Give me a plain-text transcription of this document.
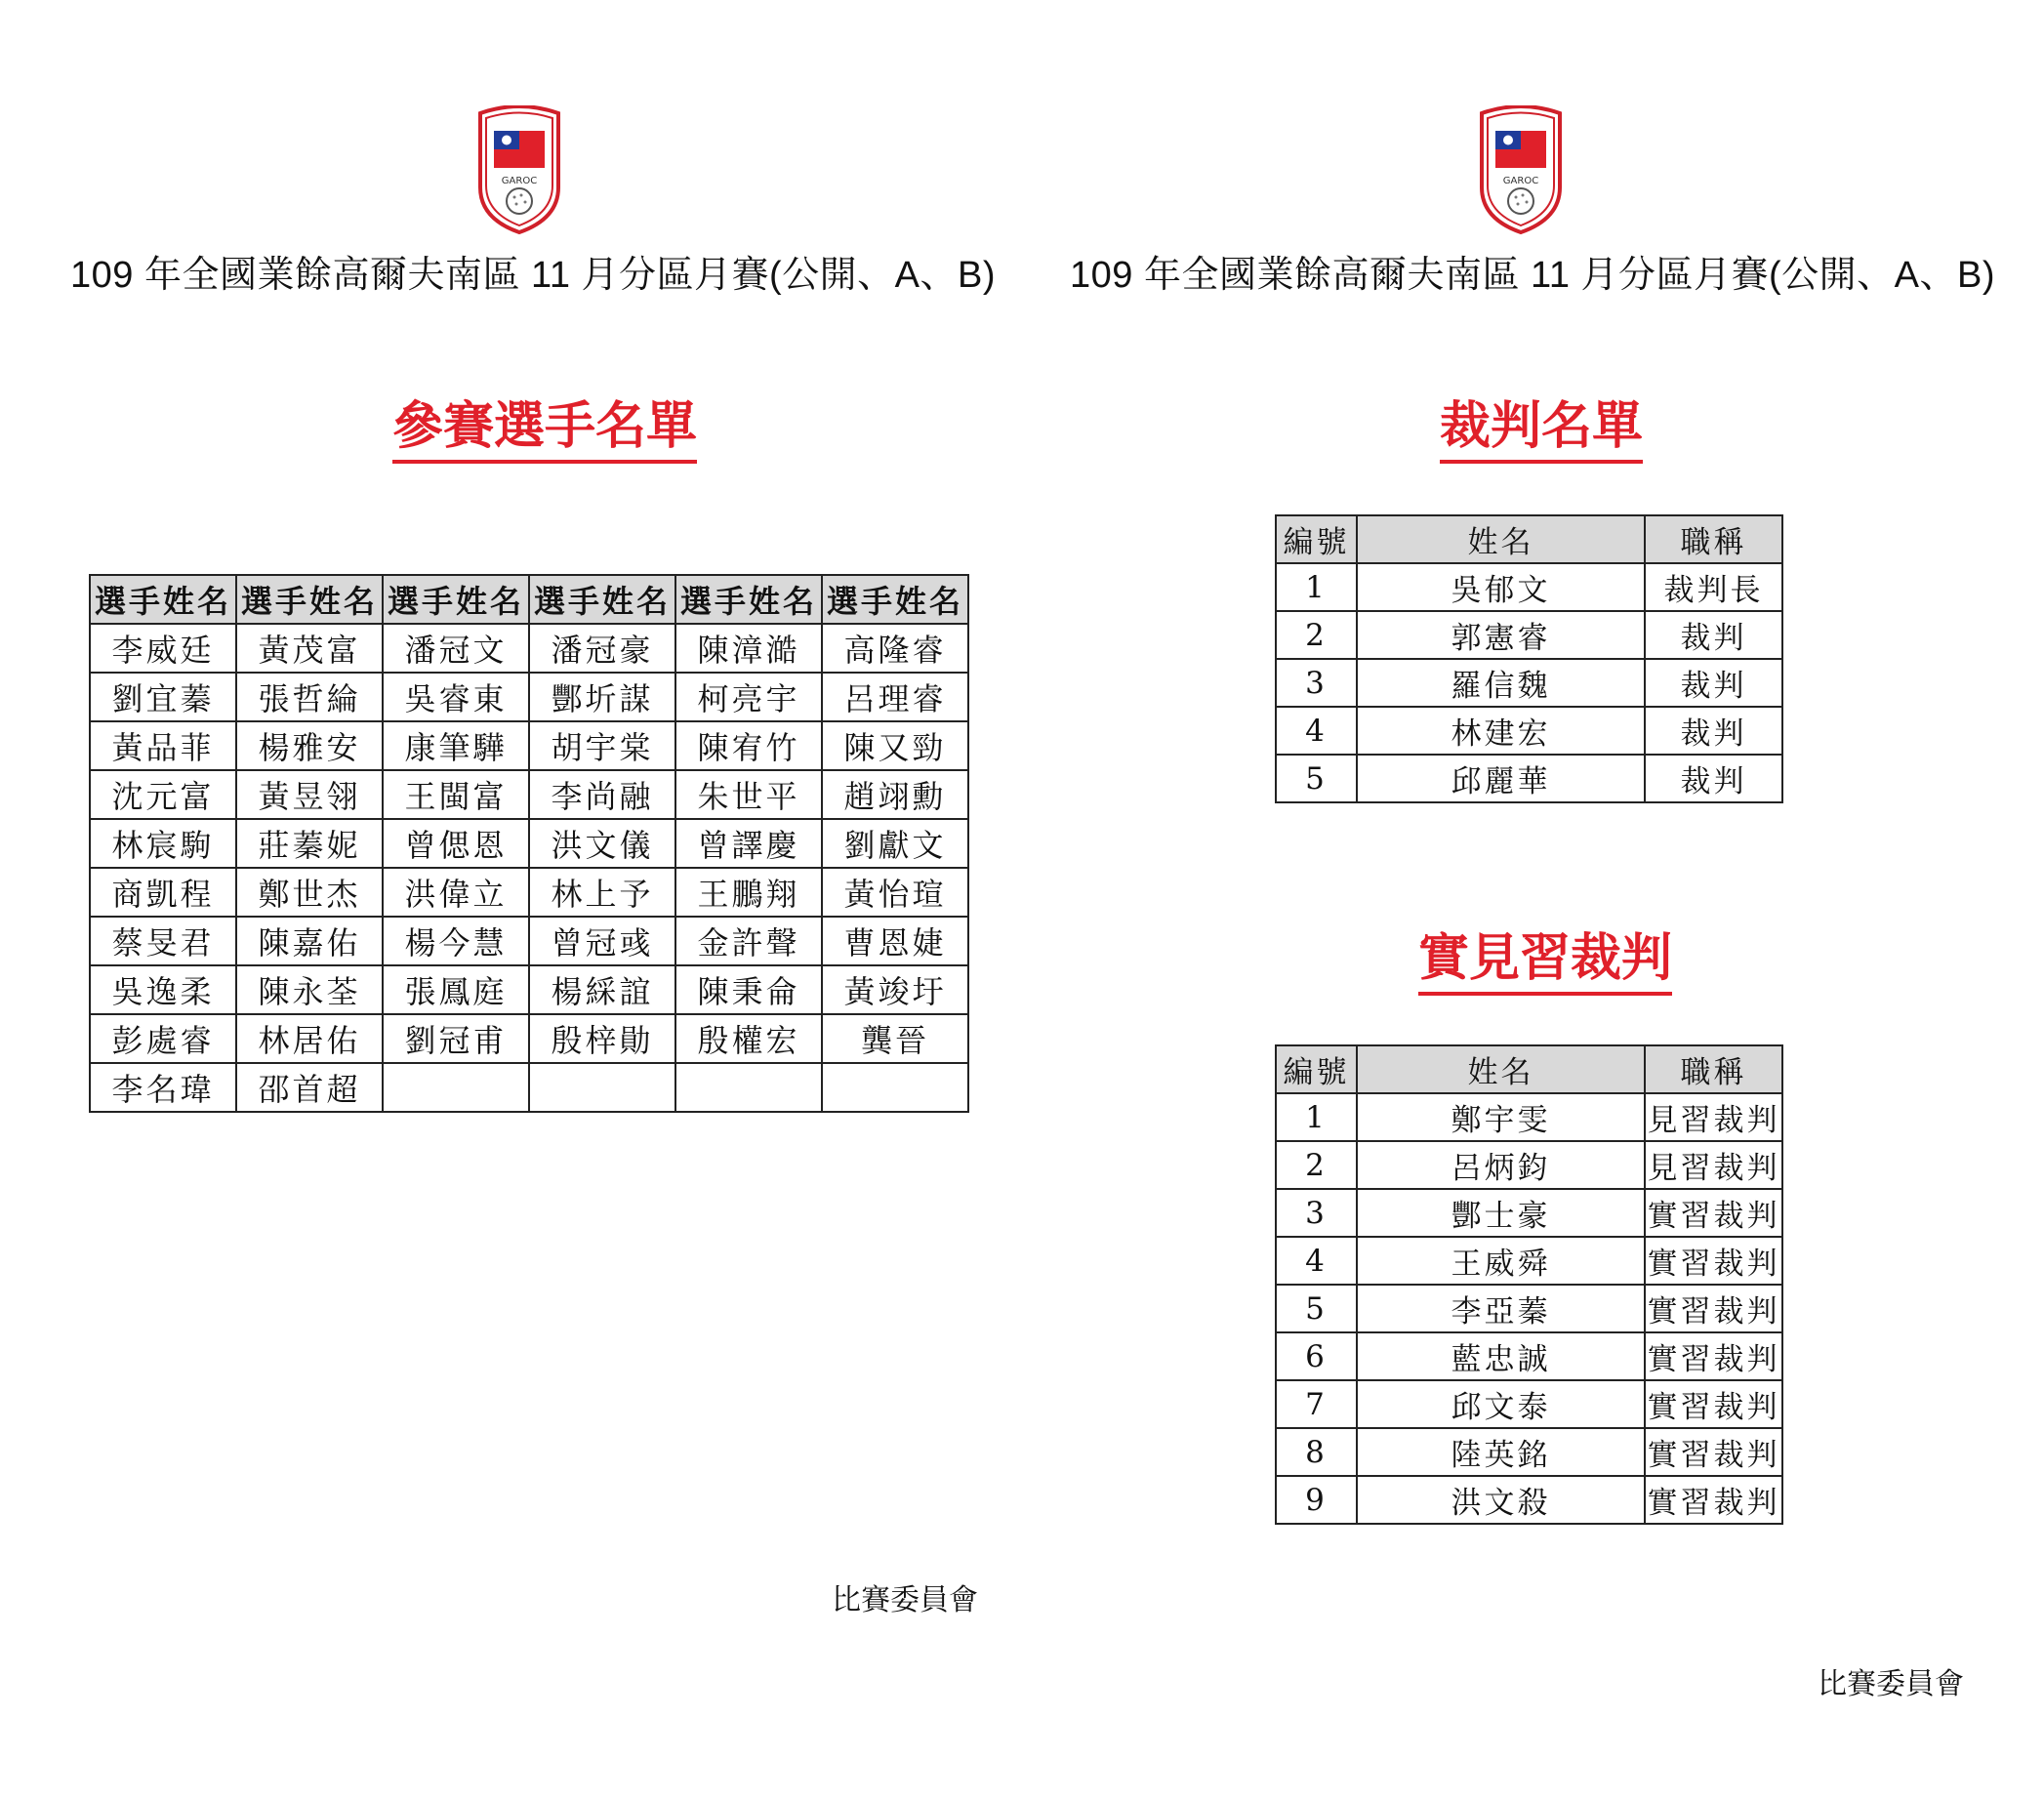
GAROC
109 年全國業餘高爾夫南區 11 月分區月賽(公開、A、B)
參賽選手名單
選手姓名	選手姓名	選手姓名	選手姓名	選手姓名	選手姓名
李威廷	黃茂富	潘冠文	潘冠豪	陳漳澔	高隆睿
劉宜蓁	張哲綸	吳睿東	酆圻謀	柯亮宇	呂理睿
黃品菲	楊雅安	康筆驊	胡宇棠	陳宥竹	陳又勁
沈元富	黃昱翎	王閩富	李尚融	朱世平	趙翊勳
林宸駒	莊蓁妮	曾偲恩	洪文儀	曾譯慶	劉獻文
商凱程	鄭世杰	洪偉立	林上予	王鵬翔	黃怡瑄
蔡旻君	陳嘉佑	楊今慧	曾冠彧	金許聲	曹恩婕
吳逸柔	陳永荃	張鳳庭	楊綵誼	陳秉侖	黃竣圩
彭處睿	林居佑	劉冠甫	殷梓勛	殷權宏	龔晉
李名瑋	邵首超				
比賽委員會
GAROC
109 年全國業餘高爾夫南區 11 月分區月賽(公開、A、B)
裁判名單
編號	姓名	職稱
1	吳郁文	裁判長
2	郭憲睿	裁判
3	羅信魏	裁判
4	林建宏	裁判
5	邱麗華	裁判
實見習裁判
編號	姓名	職稱
1	鄭宇雯	見習裁判
2	呂炳鈞	見習裁判
3	酆士豪	實習裁判
4	王威舜	實習裁判
5	李亞蓁	實習裁判
6	藍忠誠	實習裁判
7	邱文泰	實習裁判
8	陸英銘	實習裁判
9	洪文殺	實習裁判
比賽委員會
